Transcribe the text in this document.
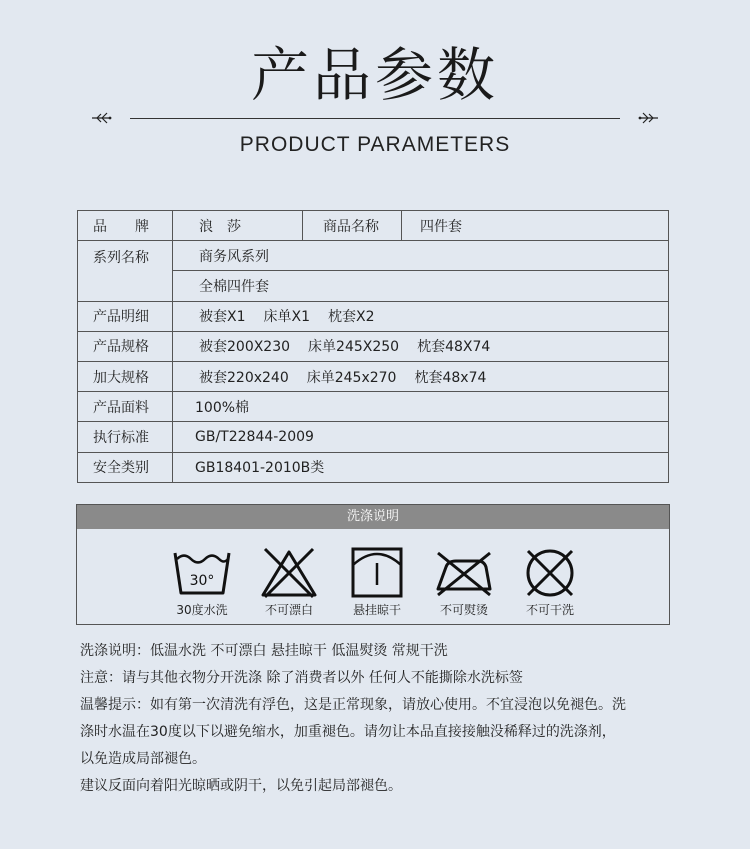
产品参数
PRODUCT PARAMETERS
品　　牌	浪　莎	商品名称	四件套
系列名称	商务风系列		
	全棉四件套		
产品明细	被套X1 床单X1 枕套X2		
产品规格	被套200X230 床单245X250 枕套48X74		
加大规格	被套220x240 床单245x270 枕套48x74		
产品面料	100%棉		
执行标准	GB/T22844-2009		
安全类别	GB18401-2010B类		
洗涤说明
30°
30度水洗	不可漂白	悬挂晾干	不可熨烫	不可干洗
洗涤说明：低温水洗 不可漂白 悬挂晾干 低温熨烫 常规干洗
注意：请与其他衣物分开洗涤 除了消费者以外 任何人不能撕除水洗标签
温馨提示：如有第一次清洗有浮色，这是正常现象，请放心使用。不宜浸泡以免褪色。洗
涤时水温在30度以下以避免缩水，加重褪色。请勿让本品直接接触没稀释过的洗涤剂，
以免造成局部褪色。
建议反面向着阳光晾晒或阴干，以免引起局部褪色。
